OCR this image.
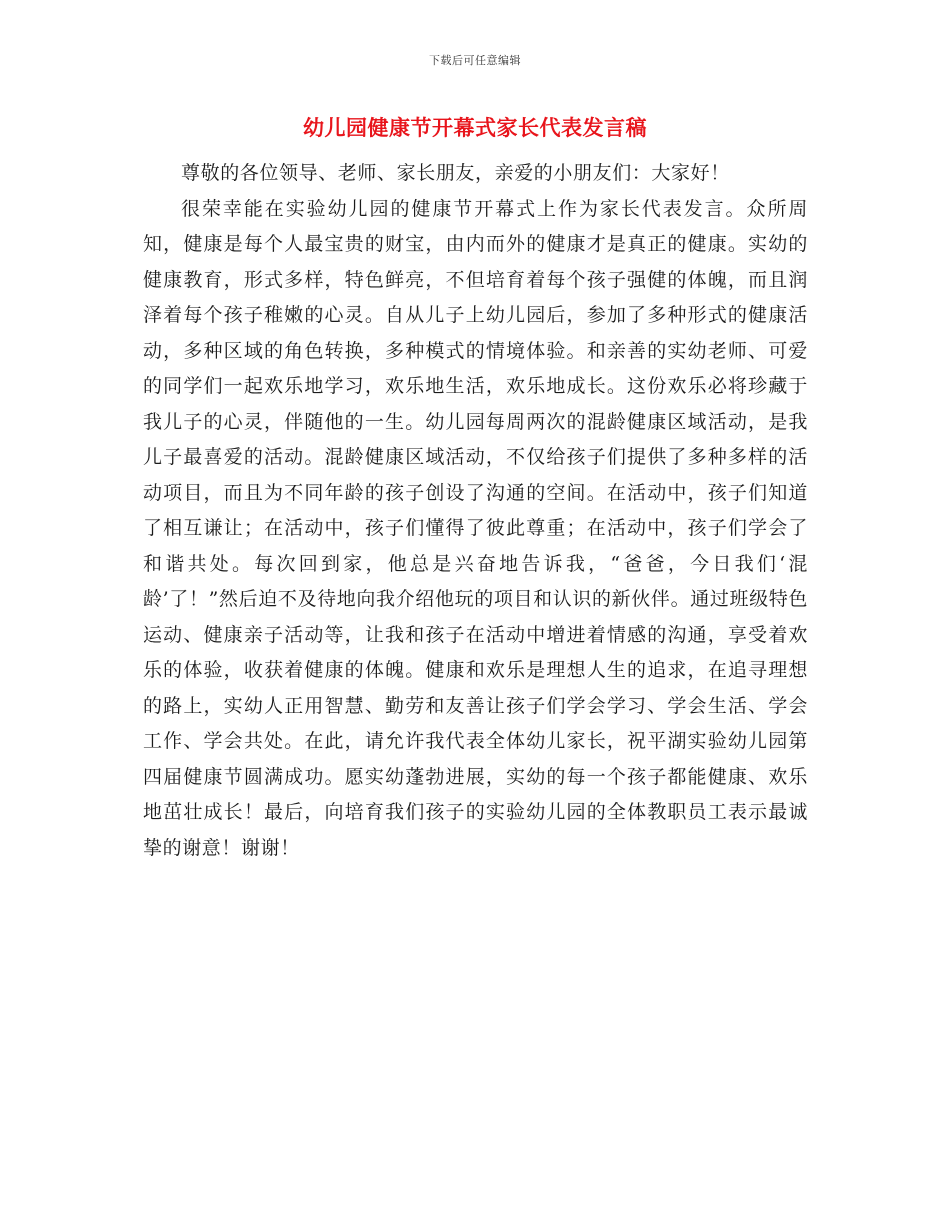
下载后可任意编辑
幼儿园健康节开幕式家长代表发言稿

尊敬的各位领导、老师、家长朋友，亲爱的小朋友们：大家好！

很荣幸能在实验幼儿园的健康节开幕式上作为家长代表发言。众所周知，健康是每个人最宝贵的财宝，由内而外的健康才是真正的健康。实幼的健康教育，形式多样，特色鲜亮，不但培育着每个孩子强健的体魄，而且润泽着每个孩子稚嫩的心灵。自从儿子上幼儿园后，参加了多种形式的健康活动，多种区域的角色转换，多种模式的情境体验。和亲善的实幼老师、可爱的同学们一起欢乐地学习，欢乐地生活，欢乐地成长。这份欢乐必将珍藏于我儿子的心灵，伴随他的一生。幼儿园每周两次的混龄健康区域活动，是我儿子最喜爱的活动。混龄健康区域活动，不仅给孩子们提供了多种多样的活动项目，而且为不同年龄的孩子创设了沟通的空间。在活动中，孩子们知道了相互谦让；在活动中，孩子们懂得了彼此尊重；在活动中，孩子们学会了和谐共处。每次回到家，他总是兴奋地告诉我，“爸爸，今日我们‘混龄’了！”然后迫不及待地向我介绍他玩的项目和认识的新伙伴。通过班级特色运动、健康亲子活动等，让我和孩子在活动中增进着情感的沟通，享受着欢乐的体验，收获着健康的体魄。健康和欢乐是理想人生的追求，在追寻理想的路上，实幼人正用智慧、勤劳和友善让孩子们学会学习、学会生活、学会工作、学会共处。在此，请允许我代表全体幼儿家长，祝平湖实验幼儿园第四届健康节圆满成功。愿实幼蓬勃进展，实幼的每一个孩子都能健康、欢乐地茁壮成长！最后，向培育我们孩子的实验幼儿园的全体教职员工表示最诚挚的谢意！谢谢！
